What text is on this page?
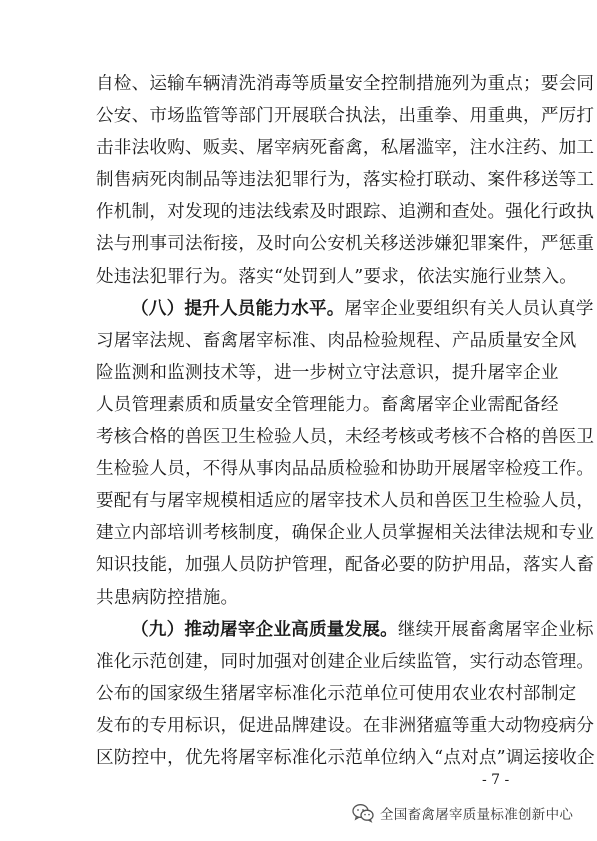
自检、运输车辆清洗消毒等质量安全控制措施列为重点；要会同
公安、市场监管等部门开展联合执法，出重拳、用重典，严厉打
击非法收购、贩卖、屠宰病死畜禽，私屠滥宰，注水注药、加工
制售病死肉制品等违法犯罪行为，落实检打联动、案件移送等工
作机制，对发现的违法线索及时跟踪、追溯和查处。强化行政执
法与刑事司法衔接，及时向公安机关移送涉嫌犯罪案件，严惩重
处违法犯罪行为。落实“处罚到人”要求，依法实施行业禁入。
（八）提升人员能力水平。屠宰企业要组织有关人员认真学
习屠宰法规、畜禽屠宰标准、肉品检验规程、产品质量安全风
险监测和监测技术等，进一步树立守法意识，提升屠宰企业
人员管理素质和质量安全管理能力。畜禽屠宰企业需配备经
考核合格的兽医卫生检验人员，未经考核或考核不合格的兽医卫
生检验人员，不得从事肉品品质检验和协助开展屠宰检疫工作。
要配有与屠宰规模相适应的屠宰技术人员和兽医卫生检验人员，
建立内部培训考核制度，确保企业人员掌握相关法律法规和专业
知识技能，加强人员防护管理，配备必要的防护用品，落实人畜
共患病防控措施。
（九）推动屠宰企业高质量发展。继续开展畜禽屠宰企业标
准化示范创建，同时加强对创建企业后续监管，实行动态管理。
公布的国家级生猪屠宰标准化示范单位可使用农业农村部制定
发布的专用标识，促进品牌建设。在非洲猪瘟等重大动物疫病分
区防控中，优先将屠宰标准化示范单位纳入“点对点”调运接收企
- 7 -
全国畜禽屠宰质量标准创新中心
